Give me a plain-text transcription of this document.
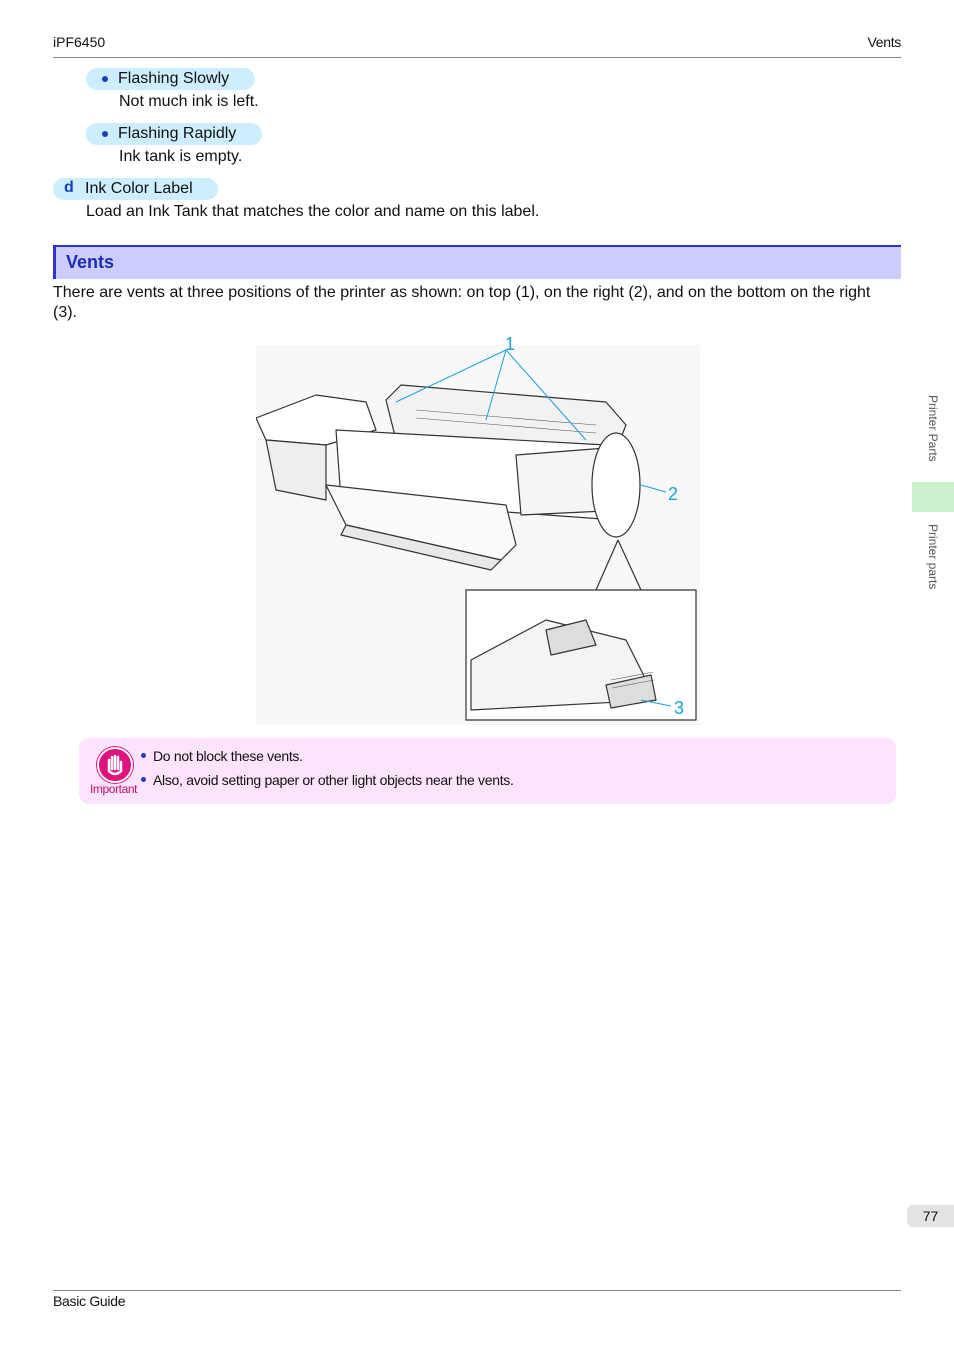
iPF6450	Vents
Flashing Slowly
Not much ink is left.
Flashing Rapidly
Ink tank is empty.
d Ink Color Label
Load an Ink Tank that matches the color and name on this label.
Vents
There are vents at three positions of the printer as shown: on top (1), on the right (2), and on the bottom on the right (3).
1
2
3
Important
Do not block these vents.
Also, avoid setting paper or other light objects near the vents.
Printer Parts
Printer parts
77
Basic Guide
